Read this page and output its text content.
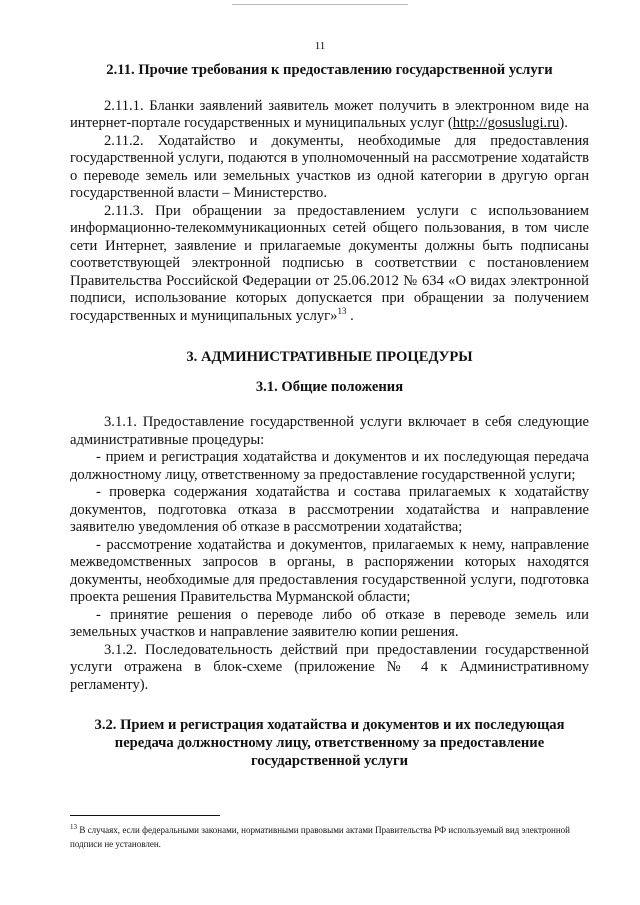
11
2.11. Прочие требования к предоставлению государственной услуги

2.11.1. Бланки заявлений заявитель может получить в электронном виде на интернет-портале государственных и муниципальных услуг (http://gosuslugi.ru).

2.11.2. Ходатайство и документы, необходимые для предоставления государственной услуги, подаются в уполномоченный на рассмотрение ходатайств о переводе земель или земельных участков из одной категории в другую орган государственной власти – Министерство.

2.11.3. При обращении за предоставлением услуги с использованием информационно-телекоммуникационных сетей общего пользования, в том числе сети Интернет, заявление и прилагаемые документы должны быть подписаны соответствующей электронной подписью в соответствии с постановлением Правительства Российской Федерации от 25.06.2012 № 634 «О видах электронной подписи, использование которых допускается при обращении за получением государственных и муниципальных услуг»$^{13}$ .

3. АДМИНИСТРАТИВНЫЕ ПРОЦЕДУРЫ
3.1. Общие положения

3.1.1. Предоставление государственной услуги включает в себя следующие административные процедуры:

- прием и регистрация ходатайства и документов и их последующая передача должностному лицу, ответственному за предоставление государственной услуги;

- проверка содержания ходатайства и состава прилагаемых к ходатайству документов, подготовка отказа в рассмотрении ходатайства и направление заявителю уведомления об отказе в рассмотрении ходатайства;

- рассмотрение ходатайства и документов, прилагаемых к нему, направление межведомственных запросов в органы, в распоряжении которых находятся документы, необходимые для предоставления государственной услуги, подготовка проекта решения Правительства Мурманской области;

- принятие решения о переводе либо об отказе в переводе земель или земельных участков и направление заявителю копии решения.

3.1.2. Последовательность действий при предоставлении государственной услуги отражена в блок-схеме (приложение № 4 к Административному регламенту).

3.2. Прием и регистрация ходатайства и документов и их последующая передача должностному лицу, ответственному за предоставление государственной услуги
$^{13}$ В случаях, если федеральными законами, нормативными правовыми актами Правительства РФ используемый вид электронной подписи не установлен.
